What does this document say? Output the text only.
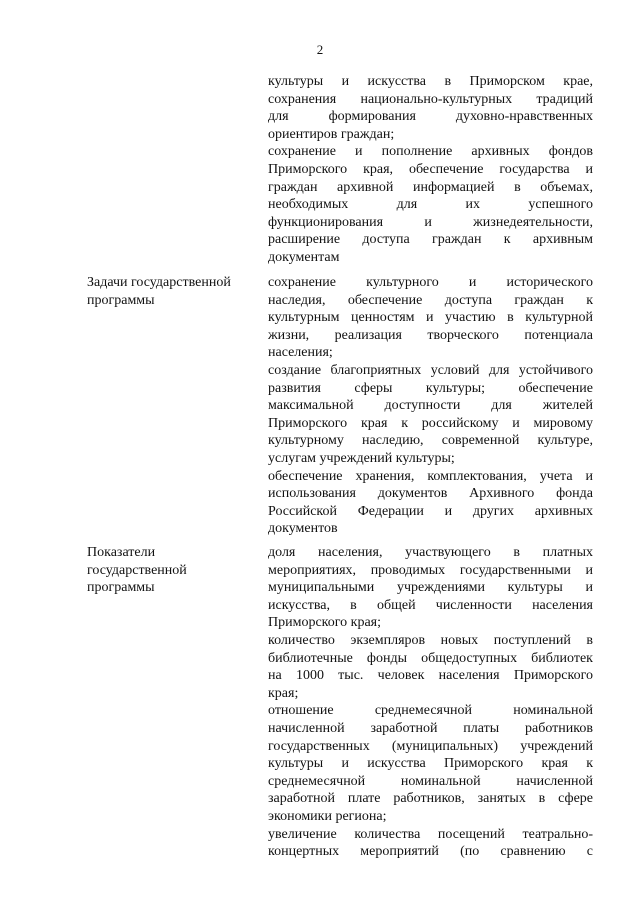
2
культуры и искусства в Приморском крае,
сохранения национально-культурных традиций
для формирования духовно-нравственных
ориентиров граждан;
сохранение и пополнение архивных фондов
Приморского края, обеспечение государства и
граждан архивной информацией в объемах,
необходимых для их успешного
функционирования и жизнедеятельности,
расширение доступа граждан к архивным
документам
Задачи государственной
программы
сохранение культурного и исторического
наследия, обеспечение доступа граждан к
культурным ценностям и участию в культурной
жизни, реализация творческого потенциала
населения;
создание благоприятных условий для устойчивого
развития сферы культуры; обеспечение
максимальной доступности для жителей
Приморского края к российскому и мировому
культурному наследию, современной культуре,
услугам учреждений культуры;
обеспечение хранения, комплектования, учета и
использования документов Архивного фонда
Российской Федерации и других архивных
документов
Показатели
государственной
программы
доля населения, участвующего в платных
мероприятиях, проводимых государственными и
муниципальными учреждениями культуры и
искусства, в общей численности населения
Приморского края;
количество экземпляров новых поступлений в
библиотечные фонды общедоступных библиотек
на 1000 тыс. человек населения Приморского
края;
отношение среднемесячной номинальной
начисленной заработной платы работников
государственных (муниципальных) учреждений
культуры и искусства Приморского края к
среднемесячной номинальной начисленной
заработной плате работников, занятых в сфере
экономики региона;
увеличение количества посещений театрально-
концертных мероприятий (по сравнению с
